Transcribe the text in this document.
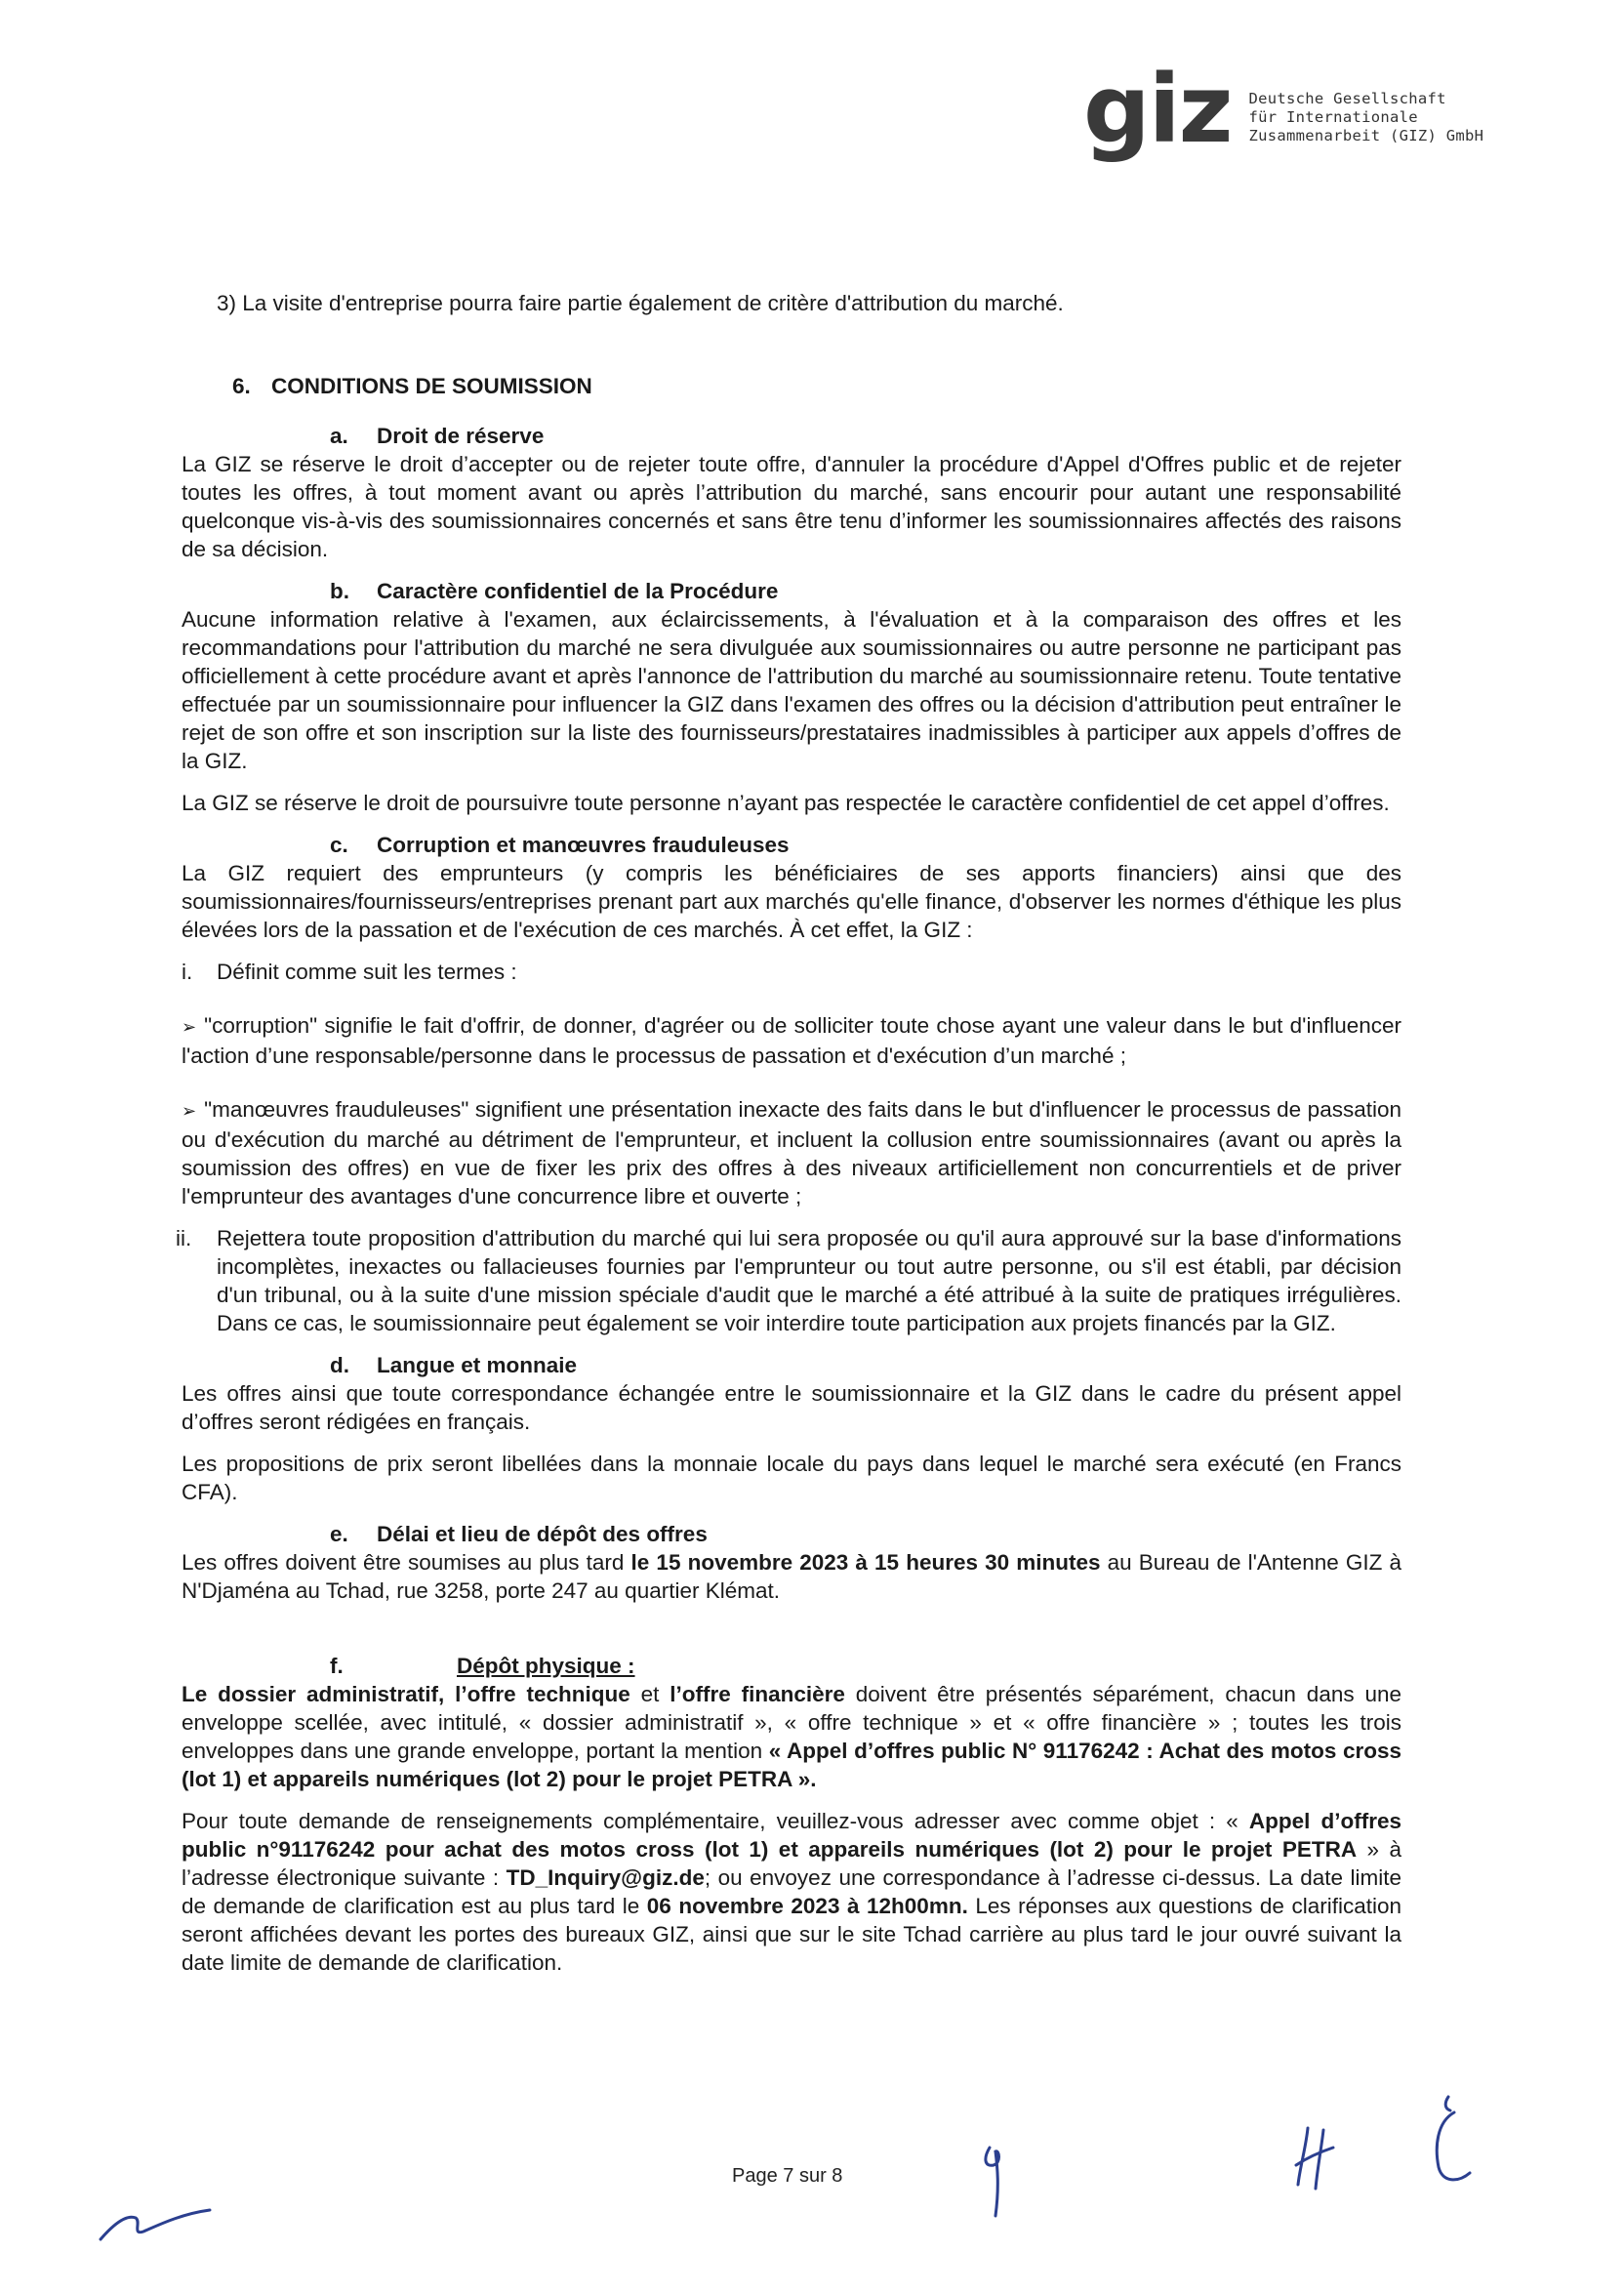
giz Deutsche Gesellschaft
für Internationale
Zusammenarbeit (GIZ) GmbH

3) La visite d'entreprise pourra faire partie également de critère d'attribution du marché.

6. CONDITIONS DE SOUMISSION
a. Droit de réserve

La GIZ se réserve le droit d’accepter ou de rejeter toute offre, d'annuler la procédure d'Appel d'Offres public et de rejeter toutes les offres, à tout moment avant ou après l’attribution du marché, sans encourir pour autant une responsabilité quelconque vis-à-vis des soumissionnaires concernés et sans être tenu d’informer les soumissionnaires affectés des raisons de sa décision.

b. Caractère confidentiel de la Procédure

Aucune information relative à l'examen, aux éclaircissements, à l'évaluation et à la comparaison des offres et les recommandations pour l'attribution du marché ne sera divulguée aux soumissionnaires ou autre personne ne participant pas officiellement à cette procédure avant et après l'annonce de l'attribution du marché au soumissionnaire retenu. Toute tentative effectuée par un soumissionnaire pour influencer la GIZ dans l'examen des offres ou la décision d'attribution peut entraîner le rejet de son offre et son inscription sur la liste des fournisseurs/prestataires inadmissibles à participer aux appels d’offres de la GIZ.

La GIZ se réserve le droit de poursuivre toute personne n’ayant pas respectée le caractère confidentiel de cet appel d’offres.

c. Corruption et manœuvres frauduleuses

La GIZ requiert des emprunteurs (y compris les bénéficiaires de ses apports financiers) ainsi que des soumissionnaires/fournisseurs/entreprises prenant part aux marchés qu'elle finance, d'observer les normes d'éthique les plus élevées lors de la passation et de l'exécution de ces marchés. À cet effet, la GIZ :

i.	Définit comme suit les termes :

➢ "corruption" signifie le fait d'offrir, de donner, d'agréer ou de solliciter toute chose ayant une valeur dans le but d'influencer l'action d’une responsable/personne dans le processus de passation et d'exécution d’un marché ;

➢ "manœuvres frauduleuses" signifient une présentation inexacte des faits dans le but d'influencer le processus de passation ou d'exécution du marché au détriment de l'emprunteur, et incluent la collusion entre soumissionnaires (avant ou après la soumission des offres) en vue de fixer les prix des offres à des niveaux artificiellement non concurrentiels et de priver l'emprunteur des avantages d'une concurrence libre et ouverte ;

ii.	Rejettera toute proposition d'attribution du marché qui lui sera proposée ou qu'il aura approuvé sur la base d'informations incomplètes, inexactes ou fallacieuses fournies par l'emprunteur ou tout autre personne, ou s'il est établi, par décision d'un tribunal, ou à la suite d'une mission spéciale d'audit que le marché a été attribué à la suite de pratiques irrégulières. Dans ce cas, le soumissionnaire peut également se voir interdire toute participation aux projets financés par la GIZ.
d. Langue et monnaie

Les offres ainsi que toute correspondance échangée entre le soumissionnaire et la GIZ dans le cadre du présent appel d’offres seront rédigées en français.

Les propositions de prix seront libellées dans la monnaie locale du pays dans lequel le marché sera exécuté (en Francs CFA).

e. Délai et lieu de dépôt des offres

Les offres doivent être soumises au plus tard le 15 novembre 2023 à 15 heures 30 minutes au Bureau de l'Antenne GIZ à N'Djaména au Tchad, rue 3258, porte 247 au quartier Klémat.

f.	Dépôt physique :

Le dossier administratif, l’offre technique et l’offre financière doivent être présentés séparément, chacun dans une enveloppe scellée, avec intitulé, « dossier administratif », « offre technique » et « offre financière » ; toutes les trois enveloppes dans une grande enveloppe, portant la mention « Appel d’offres public N° 91176242 : Achat des motos cross (lot 1) et appareils numériques (lot 2) pour le projet PETRA ».

Pour toute demande de renseignements complémentaire, veuillez-vous adresser avec comme objet : « Appel d’offres public n°91176242 pour achat des motos cross (lot 1) et appareils numériques (lot 2) pour le projet PETRA » à l’adresse électronique suivante : TD_Inquiry@giz.de; ou envoyez une correspondance à l’adresse ci-dessus. La date limite de demande de clarification est au plus tard le 06 novembre 2023 à 12h00mn. Les réponses aux questions de clarification seront affichées devant les portes des bureaux GIZ, ainsi que sur le site Tchad carrière au plus tard le jour ouvré suivant la date limite de demande de clarification.

Page 7 sur 8
